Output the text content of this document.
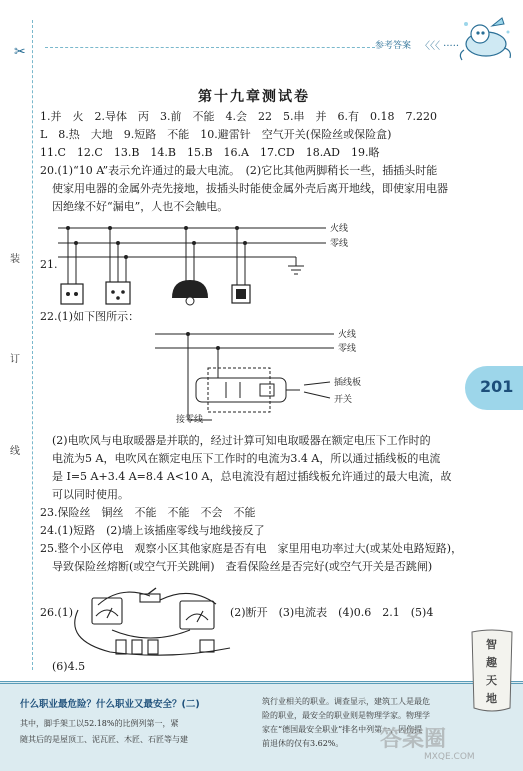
✂
装
订
线
参考答案 〈〈〈 ·····
201
第十九章测试卷
1.并　火　2.导体　丙　3.前　不能　4.会　22　5.串　并　6.有　0.18　7.220
L　8.热　大地　9.短路　不能　10.避雷针　空气开关(保险丝或保险盒)
11.C　12.C　13.B　14.B　15.B　16.A　17.CD　18.AD　19.略
20.(1)“10 A”表示允许通过的最大电流。　(2)它比其他两脚稍长一些，插插头时能
使家用电器的金属外壳先接地，拔插头时能使金属外壳后离开地线，即使家用电器
因绝缘不好“漏电”，人也不会触电。
21.
火线
零线
22.(1)如下图所示：
火线
零线
插线板
开关
接零线
(2)电吹风与电取暖器是并联的，经过计算可知电取暖器在额定电压下工作时的
电流为5 A，电吹风在额定电压下工作时的电流为3.4 A，所以通过插线板的电流
是 I=5 A+3.4 A=8.4 A<10 A，总电流没有超过插线板允许通过的最大电流，故
可以同时使用。
23.保险丝　铜丝　不能　不能　不会　不能
24.(1)短路　(2)墙上该插座零线与地线接反了
25.整个小区停电　观察小区其他家庭是否有电　家里用电功率过大(或某处电路短路)，
导致保险丝熔断(或空气开关跳闸)　查看保险丝是否完好(或空气开关是否跳闸)
26.(1)	(2)断开　(3)电流表　(4)0.6　2.1　(5)4
(6)4.5
什么职业最危险？什么职业又最安全？(二)
其中，脚手架工以52.18%的比例列第一，紧
随其后的是屋顶工、泥瓦匠、木匠、石匠等与建
筑行业相关的职业。调查显示，建筑工人是最危
险的职业，最安全的职业则是物理学家。物理学
家在“德国最安全职业”排名中列第一，因伤提
前退休的仅有3.62%。
智
趣
天
地
答案圈
MXQE.COM
